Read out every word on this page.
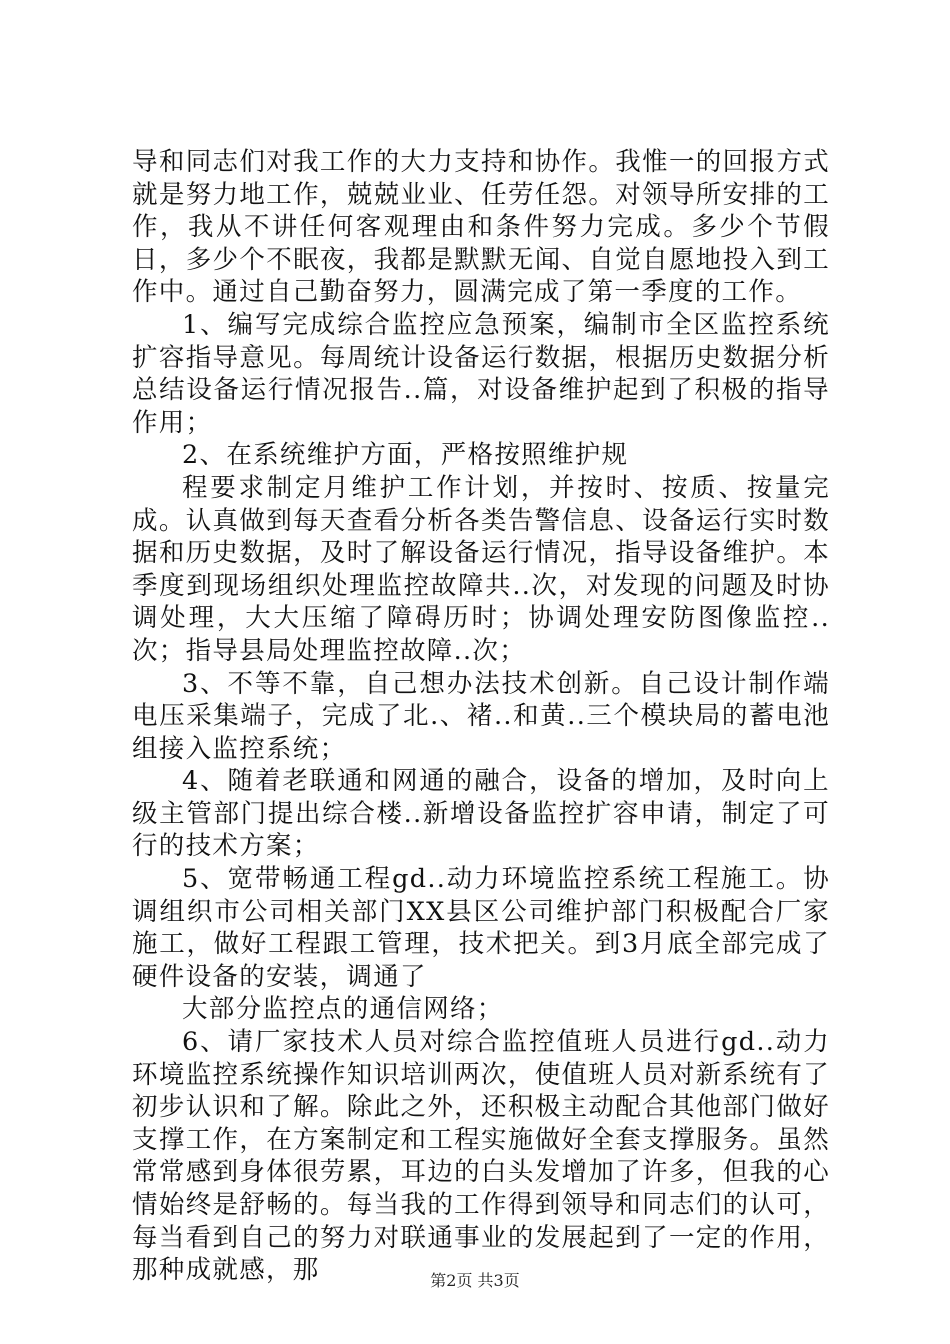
导和同志们对我工作的大力支持和协作。我惟一的回报方式就是努力地工作，兢兢业业、任劳任怨。对领导所安排的工作，我从不讲任何客观理由和条件努力完成。多少个节假日，多少个不眠夜，我都是默默无闻、自觉自愿地投入到工作中。通过自己勤奋努力，圆满完成了第一季度的工作。

1、编写完成综合监控应急预案，编制市全区监控系统扩容指导意见。每周统计设备运行数据，根据历史数据分析总结设备运行情况报告..篇，对设备维护起到了积极的指导作用；

2、在系统维护方面，严格按照维护规

程要求制定月维护工作计划，并按时、按质、按量完成。认真做到每天查看分析各类告警信息、设备运行实时数据和历史数据，及时了解设备运行情况，指导设备维护。本季度到现场组织处理监控故障共..次，对发现的问题及时协调处理，大大压缩了障碍历时；协调处理安防图像监控..次；指导县局处理监控故障..次；

3、不等不靠，自己想办法技术创新。自己设计制作端电压采集端子，完成了北.、褚..和黄..三个模块局的蓄电池组接入监控系统；

4、随着老联通和网通的融合，设备的增加，及时向上级主管部门提出综合楼..新增设备监控扩容申请，制定了可行的技术方案；

5、宽带畅通工程gd..动力环境监控系统工程施工。协调组织市公司相关部门XX县区公司维护部门积极配合厂家施工，做好工程跟工管理，技术把关。到3月底全部完成了硬件设备的安装，调通了

大部分监控点的通信网络；

6、请厂家技术人员对综合监控值班人员进行gd..动力环境监控系统操作知识培训两次，使值班人员对新系统有了初步认识和了解。除此之外，还积极主动配合其他部门做好支撑工作，在方案制定和工程实施做好全套支撑服务。虽然常常感到身体很劳累，耳边的白头发增加了许多，但我的心情始终是舒畅的。每当我的工作得到领导和同志们的认可，每当看到自己的努力对联通事业的发展起到了一定的作用，那种成就感，那	第2页 共3页
